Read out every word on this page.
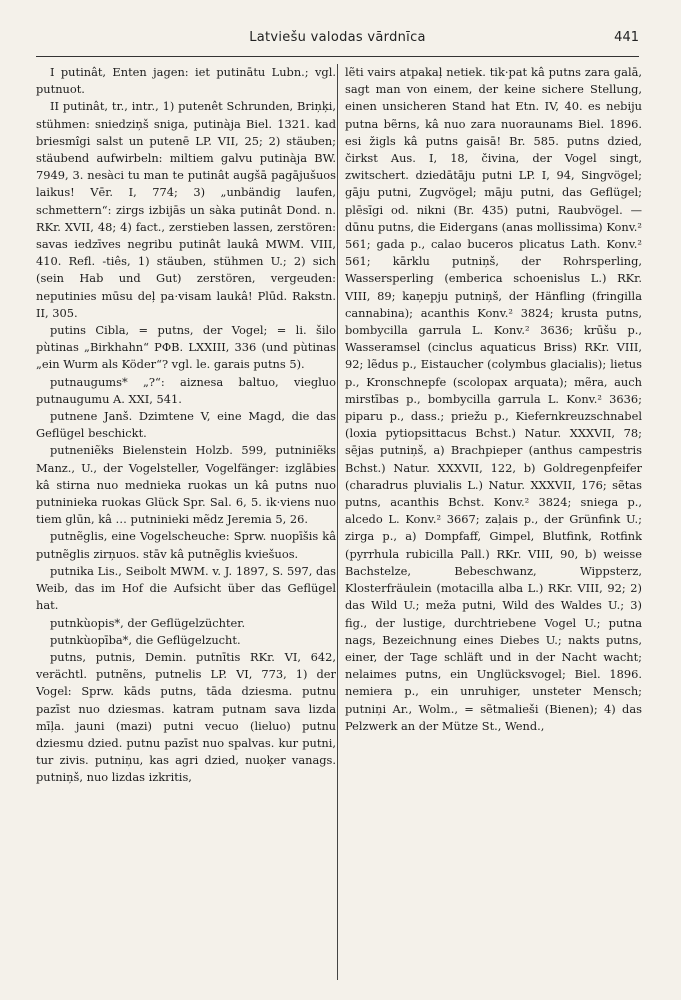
Latviešu valodas vārdnīca	441

I putinât, Enten jagen: iet putinātu Lubn.; vgl. putnuot.

II putinât, tr., intr., 1) putenêt Schrunden, Briņķi, stühmen: sniedziņš sniga, putinàja Biel. 1321. kad briesmîgi salst un putenē LP. VII, 25; 2) stäuben; stäubend aufwirbeln: miltiem galvu putinàja BW. 7949, 3. nesàci tu man te putinât augšā pagājušuos laikus! Vēr. I, 774; 3) „unbändig laufen, schmettern“: zirgs izbijās un sàka putinât Dond. n. RKr. XVII, 48; 4) fact., zerstieben lassen, zerstören: savas iedzīves negribu putinât laukâ MWM. VIII, 410. Refl. -tiês, 1) stäuben, stühmen U.; 2) sich (sein Hab und Gut) zerstören, vergeuden: neputinies mūsu deļ pa·visam laukâ! Plūd. Rakstn. II, 305.

putins Cibla, = putns, der Vogel; = li. šilo pùtinas „Birkhahn“ PΦB. LXXIII, 336 (und pùtinas „ein Wurm als Köder“? vgl. le. garais putns 5).

putnaugums* „?“: aiznesa baltuo, viegluo putnaugumu A. XXI, 541.

putnene Janš. Dzimtene V, eine Magd, die das Geflügel beschickt.

putneniẽks Bielenstein Holzb. 599, putniniẽks Manz., U., der Vogelsteller, Vogelfänger: izglābies kâ stirna nuo mednieka ruokas un kâ putns nuo putninieka ruokas Glück Spr. Sal. 6, 5. ik·viens nuo tiem glūn, kâ … putninieki mẽdz Jeremia 5, 26.

putnẽglis, eine Vogelscheuche: Sprw. nuopīšis kâ putnẽglis zirņuos. stāv kâ putnẽglis kviešuos.

putnika Lis., Seibolt MWM. v. J. 1897, S. 597, das Weib, das im Hof die Aufsicht über das Geflügel hat.

putnkùopis*, der Geflügelzüchter.

putnkùopība*, die Geflügelzucht.

putns, putnis, Demin. putnītis RKr. VI, 642, verächtl. putnẽns, putnelis LP. VI, 773, 1) der Vogel: Sprw. kāds putns, tāda dziesma. putnu pazīst nuo dziesmas. katram putnam sava lizda mīļa. jauni (mazi) putni vecuo (lieluo) putnu dziesmu dzied. putnu pazīst nuo spalvas. kur putni, tur zivis. putniņu, kas agri dzied, nuoķer vanags. putniņš, nuo lizdas izkritis,

lẽti vairs atpakaļ netiek. tik·pat kâ putns zara galā, sagt man von einem, der keine sichere Stellung, einen unsicheren Stand hat Etn. IV, 40. es nebiju putna bẽrns, kâ nuo zara nuoraunams Biel. 1896. esi žigls kâ putns gaisā! Br. 585. putns dzied, čirkst Aus. I, 18, čivina, der Vogel singt, zwitschert. dziedātāju putni LP. I, 94, Singvögel; gāju putni, Zugvögel; māju putni, das Geflügel; plēsīgi od. nikni (Br. 435) putni, Raubvögel. — dūnu putns, die Eidergans (anas mollissima) Konv.² 561; gada p., calao buceros plicatus Lath. Konv.² 561; kārklu putniņš, der Rohrsperling, Wassersperling (emberica schoenislus L.) RKr. VIII, 89; kaņepju putniņš, der Hänfling (fringilla cannabina); acanthis Konv.² 3824; krusta putns, bombycilla garrula L. Konv.² 3636; krūšu p., Wasseramsel (cinclus aquaticus Briss) RKr. VIII, 92; lẽdus p., Eistaucher (colymbus glacialis); lietus p., Kronschnepfe (scolopax arquata); mẽra, auch mirstības p., bombycilla garrula L. Konv.² 3636; piparu p., dass.; priežu p., Kiefernkreuzschnabel (loxia pytiopsittacus Bchst.) Natur. XXXVII, 78; sējas putniņš, a) Brachpieper (anthus campestris Bchst.) Natur. XXXVII, 122, b) Goldregenpfeifer (charadrus pluvialis L.) Natur. XXXVII, 176; sẽtas putns, acanthis Bchst. Konv.² 3824; sniega p., alcedo L. Konv.² 3667; zaļais p., der Grünfink U.; zirga p., a) Dompfaff, Gimpel, Blutfink, Rotfink (pyrrhula rubicilla Pall.) RKr. VIII, 90, b) weisse Bachstelze, Bebeschwanz, Wippsterz, Klosterfräulein (motacilla alba L.) RKr. VIII, 92; 2) das Wild U.; meža putni, Wild des Waldes U.; 3) fig., der lustige, durchtriebene Vogel U.; putna nags, Bezeichnung eines Diebes U.; nakts putns, einer, der Tage schläft und in der Nacht wacht; nelaimes putns, ein Unglücksvogel; Biel. 1896. nemiera p., ein unruhiger, unsteter Mensch; putniņi Ar., Wolm., = sẽtmalieši (Bienen); 4) das Pelzwerk an der Mütze St., Wend.,
